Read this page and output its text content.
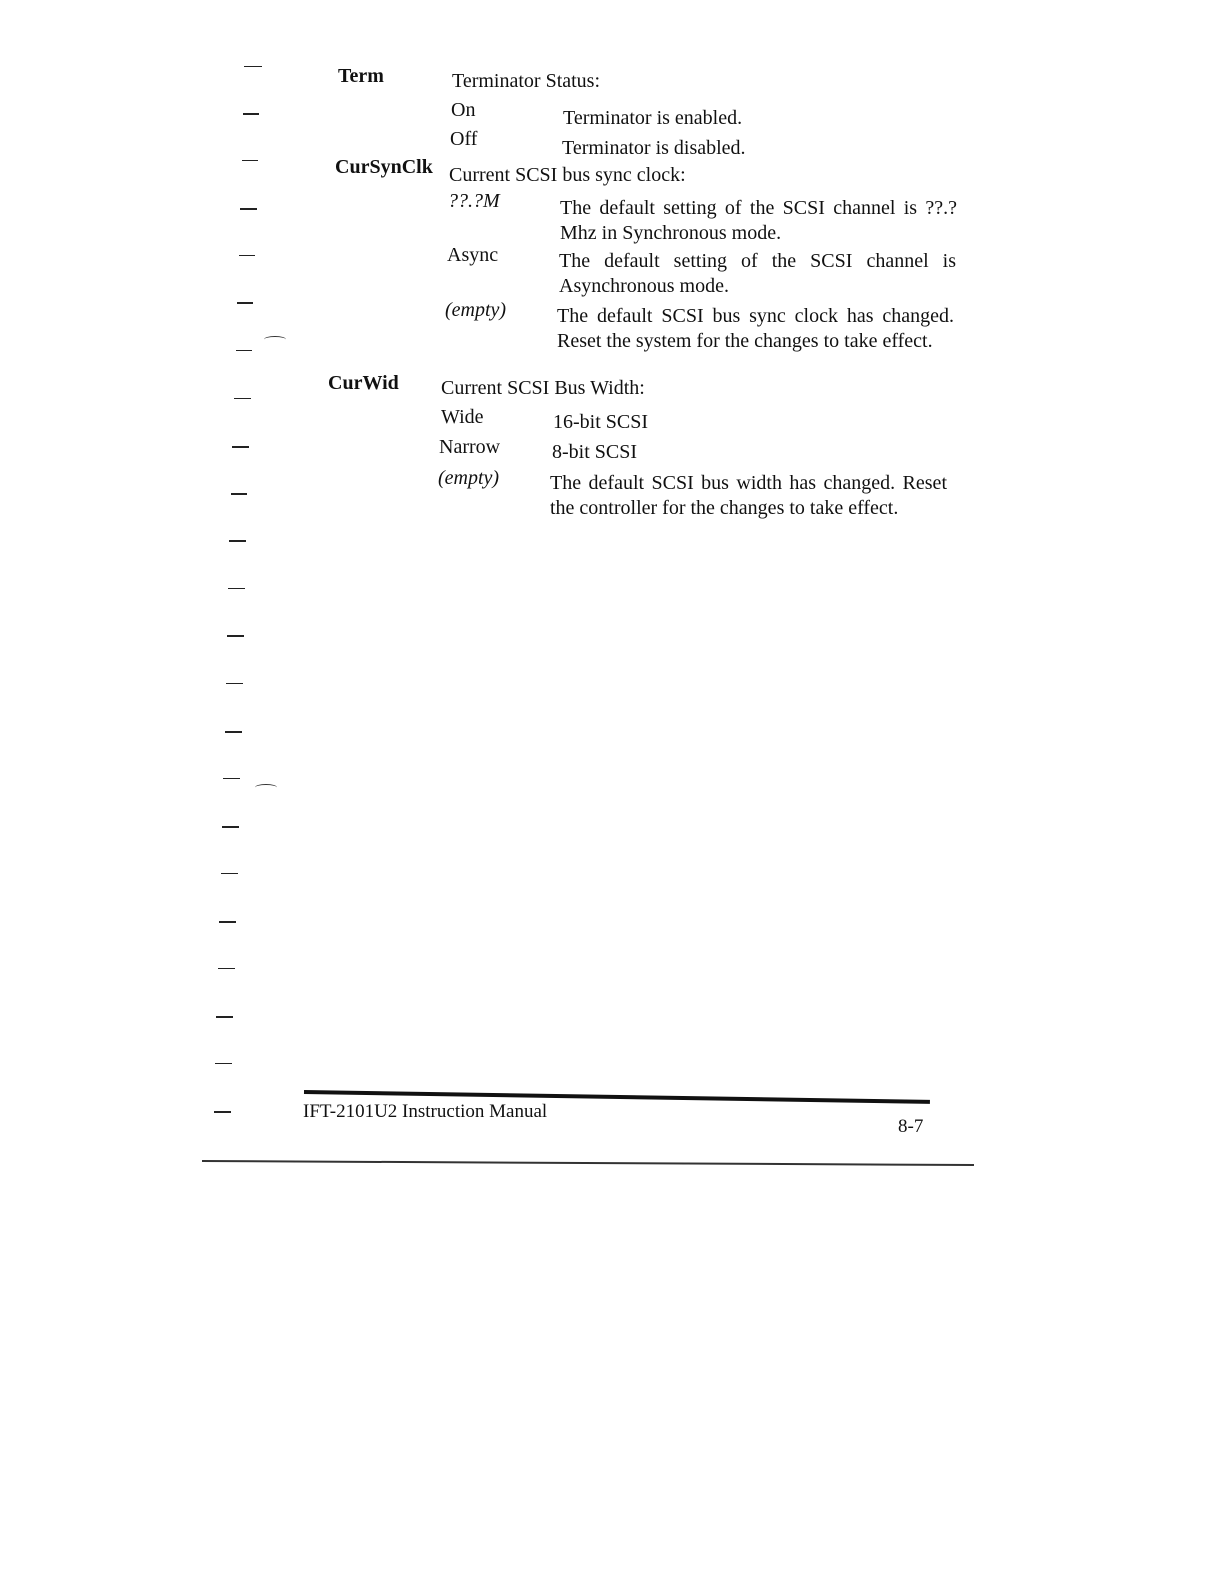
Term	Terminator Status:
On	Terminator is enabled.
Off	Terminator is disabled.
CurSynClk Current SCSI bus sync clock:
??.?M	The default setting of the SCSI channel is ??.? Mhz in Synchronous mode.
Async	The default setting of the SCSI channel is Asynchronous mode.
(empty)	The default SCSI bus sync clock has changed. Reset the system for the changes to take effect.
CurWid Current SCSI Bus Width:
Wide	16-bit SCSI
Narrow	8-bit SCSI
(empty)	The default SCSI bus width has changed. Reset the controller for the changes to take effect.
IFT-2101U2 Instruction Manual
8-7
